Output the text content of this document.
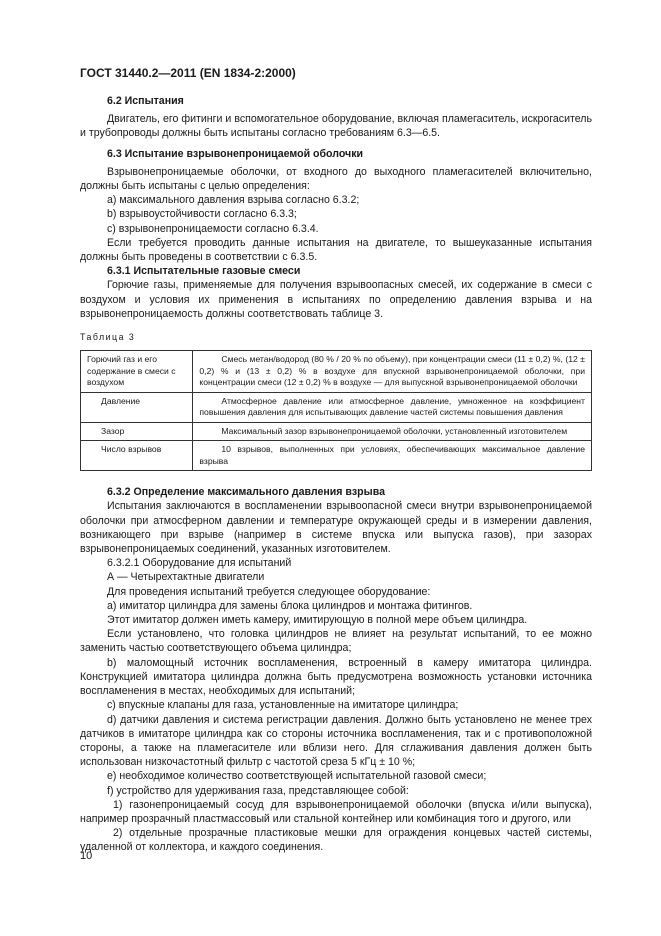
ГОСТ 31440.2—2011 (EN 1834-2:2000)
6.2 Испытания

Двигатель, его фитинги и вспомогательное оборудование, включая пламегаситель, искрогаситель и трубопроводы должны быть испытаны согласно требованиям 6.3—6.5.

6.3 Испытание взрывонепроницаемой оболочки

Взрывонепроницаемые оболочки, от входного до выходного пламегасителей включительно, должны быть испытаны с целью определения:

a) максимального давления взрыва согласно 6.3.2;

b) взрывоустойчивости согласно 6.3.3;

c) взрывонепроницаемости согласно 6.3.4.

Если требуется проводить данные испытания на двигателе, то вышеуказанные испытания должны быть проведены в соответствии с 6.3.5.

6.3.1 Испытательные газовые смеси

Горючие газы, применяемые для получения взрывоопасных смесей, их содержание в смеси с воздухом и условия их применения в испытаниях по определению давления взрыва и на взрывонепроницаемость должны соответствовать таблице 3.

Таблица 3
Горючий газ и его содержание в смеси с воздухом	Смесь метан/водород (80 % / 20 % по объему), при концентрации смеси (11 ± 0,2) %, (12 ± 0,2) % и (13 ± 0,2) % в воздухе для впускной взрывонепроницаемой оболочки, при концентрации смеси (12 ± 0,2) % в воздухе — для выпускной взрывонепроницаемой оболочки

Давление	Атмосферное давление или атмосферное давление, умноженное на коэффициент повышения давления для испытывающих давление частей системы повышения давления

Зазор	Максимальный зазор взрывонепроницаемой оболочки, установленный изготовителем

Число взрывов	10 взрывов, выполненных при условиях, обеспечивающих максимальное давление взрыва
6.3.2 Определение максимального давления взрыва

Испытания заключаются в воспламенении взрывоопасной смеси внутри взрывонепроницаемой оболочки при атмосферном давлении и температуре окружающей среды и в измерении давления, возникающего при взрыве (например в системе впуска или выпуска газов), при зазорах взрывонепроницаемых соединений, указанных изготовителем.

6.3.2.1 Оборудование для испытаний

А — Четырехтактные двигатели

Для проведения испытаний требуется следующее оборудование:

a) имитатор цилиндра для замены блока цилиндров и монтажа фитингов.

Этот имитатор должен иметь камеру, имитирующую в полной мере объем цилиндра.

Если установлено, что головка цилиндров не влияет на результат испытаний, то ее можно заменить частью соответствующего объема цилиндра;

b) маломощный источник воспламенения, встроенный в камеру имитатора цилиндра. Конструкцией имитатора цилиндра должна быть предусмотрена возможность установки источника воспламенения в местах, необходимых для испытаний;

c) впускные клапаны для газа, установленные на имитаторе цилиндра;

d) датчики давления и система регистрации давления. Должно быть установлено не менее трех датчиков в имитаторе цилиндра как со стороны источника воспламенения, так и с противоположной стороны, а также на пламегасителе или вблизи него. Для сглаживания давления должен быть использован низкочастотный фильтр с частотой среза 5 кГц ± 10 %;

e) необходимое количество соответствующей испытательной газовой смеси;

f) устройство для удерживания газа, представляющее собой:

1) газонепроницаемый сосуд для взрывонепроницаемой оболочки (впуска и/или выпуска), например прозрачный пластмассовый или стальной контейнер или комбинация того и другого, или

2) отдельные прозрачные пластиковые мешки для ограждения концевых частей системы, удаленной от коллектора, и каждого соединения.

10
